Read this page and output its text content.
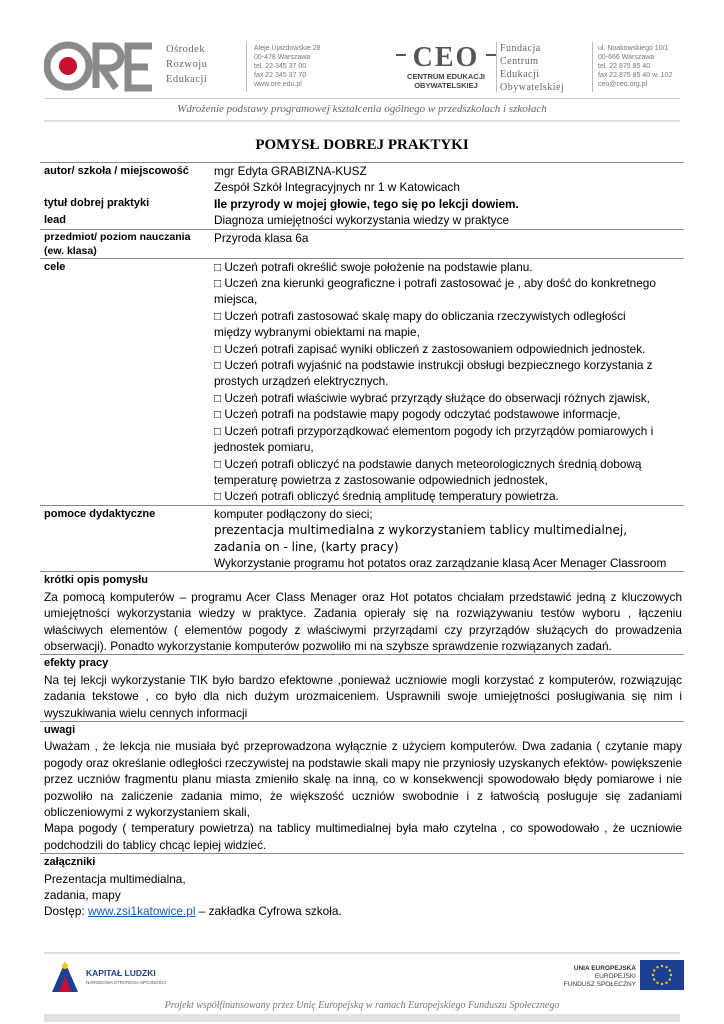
Ośrodek
Rozwoju
Edukacji
Aleje Ujazdowskie 28
00-478 Warszawa
tel. 22 345 37 00
fax 22 345 37 70
www.ore.edu.pl
CEO
CENTRUM EDUKACJI
OBYWATELSKIEJ
Fundacja
Centrum
Edukacji
Obywatelskiej
ul. Noakowskiego 10/1
00-666 Warszawa
tel. 22 875 85 40
fax 22 875 85 40 w. 102
ceo@ceo.org.pl
Wdrożenie podstawy programowej kształcenia ogólnego w przedszkolach i szkołach
POMYSŁ DOBREJ PRAKTYKI
autor/ szkoła / miejscowość
tytuł dobrej praktyki
lead
mgr Edyta GRABIZNA-KUSZ
Zespół Szkół Integracyjnych nr 1 w Katowicach
Ile przyrody w mojej głowie, tego się po lekcji dowiem.
Diagnoza umiejętności wykorzystania wiedzy w praktyce
przedmiot/ poziom nauczania
(ew. klasa)
Przyroda klasa 6a
cele	□ Uczeń potrafi określić swoje położenie na podstawie planu.
□ Uczeń zna kierunki geograficzne i potrafi zastosować je , aby dość do konkretnego
miejsca,
□ Uczeń potrafi zastosować skalę mapy do obliczania rzeczywistych odległości
między wybranymi obiektami na mapie,
□ Uczeń potrafi zapisać wyniki obliczeń z zastosowaniem odpowiednich jednostek.
□ Uczeń potrafi wyjaśnić na podstawie instrukcji obsługi bezpiecznego korzystania z
prostych urządzeń elektrycznych.
□ Uczeń potrafi właściwie wybrać przyrządy służące do obserwacji różnych zjawisk,
□ Uczeń potrafi na podstawie mapy pogody odczytać podstawowe informacje,
□ Uczeń potrafi przyporządkować elementom pogody ich przyrządów pomiarowych i
jednostek pomiaru,
□ Uczeń potrafi obliczyć na podstawie danych meteorologicznych średnią dobową
temperaturę powietrza z zastosowanie odpowiednich jednostek,
□ Uczeń potrafi obliczyć średnią amplitudę temperatury powietrza.
pomoce dydaktyczne	komputer podłączony do sieci;
prezentacja multimedialna z wykorzystaniem tablicy multimedialnej,
zadania on - line, (karty pracy)
Wykorzystanie programu hot potatos oraz zarządzanie klasą Acer Menager Classroom
krótki opis pomysłu
Za pomocą komputerów – programu Acer Class Menager oraz Hot potatos chciałam przedstawić jedną z kluczowych umiejętności wykorzystania wiedzy w praktyce. Zadania opierały się na rozwiązywaniu testów wyboru , łączeniu właściwych elementów ( elementów pogody z właściwymi przyrządami czy przyrządów służących do prowadzenia obserwacji). Ponadto wykorzystanie komputerów pozwoliło mi na szybsze sprawdzenie rozwiązanych zadań.
efekty pracy
Na tej lekcji wykorzystanie TIK było bardzo efektowne ,ponieważ uczniowie mogli korzystać z komputerów, rozwiązując zadania tekstowe , co było dla nich dużym urozmaiceniem. Usprawnili swoje umiejętności posługiwania się nim i wyszukiwania wielu cennych informacji
uwagi
Uważam , że lekcja nie musiała być przeprowadzona wyłącznie z użyciem komputerów. Dwa zadania ( czytanie mapy pogody oraz określanie odległości rzeczywistej na podstawie skali mapy nie przyniosły uzyskanych efektów- powiększenie przez uczniów fragmentu planu miasta zmieniło skalę na inną, co w konsekwencji spowodowało błędy pomiarowe i nie pozwoliło na zaliczenie zadania mimo, że większość uczniów swobodnie i z łatwością posługuje się zadaniami obliczeniowymi z wykorzystaniem skali,
Mapa pogody ( temperatury powietrza) na tablicy multimedialnej była mało czytelna , co spowodowało , że uczniowie podchodzili do tablicy chcąc lepiej widzieć.
załączniki
Prezentacja multimedialna,
zadania, mapy
Dostęp: www.zsi1katowice.pl – zakładka Cyfrowa szkoła.
KAPITAŁ LUDZKI
NARODOWA STRATEGIA SPÓJNOŚCI
UNIA EUROPEJSKA
EUROPEJSKI
FUNDUSZ SPOŁECZNY
Projekt współfinansowany przez Unię Europejską w ramach Europejskiego Funduszu Społecznego
